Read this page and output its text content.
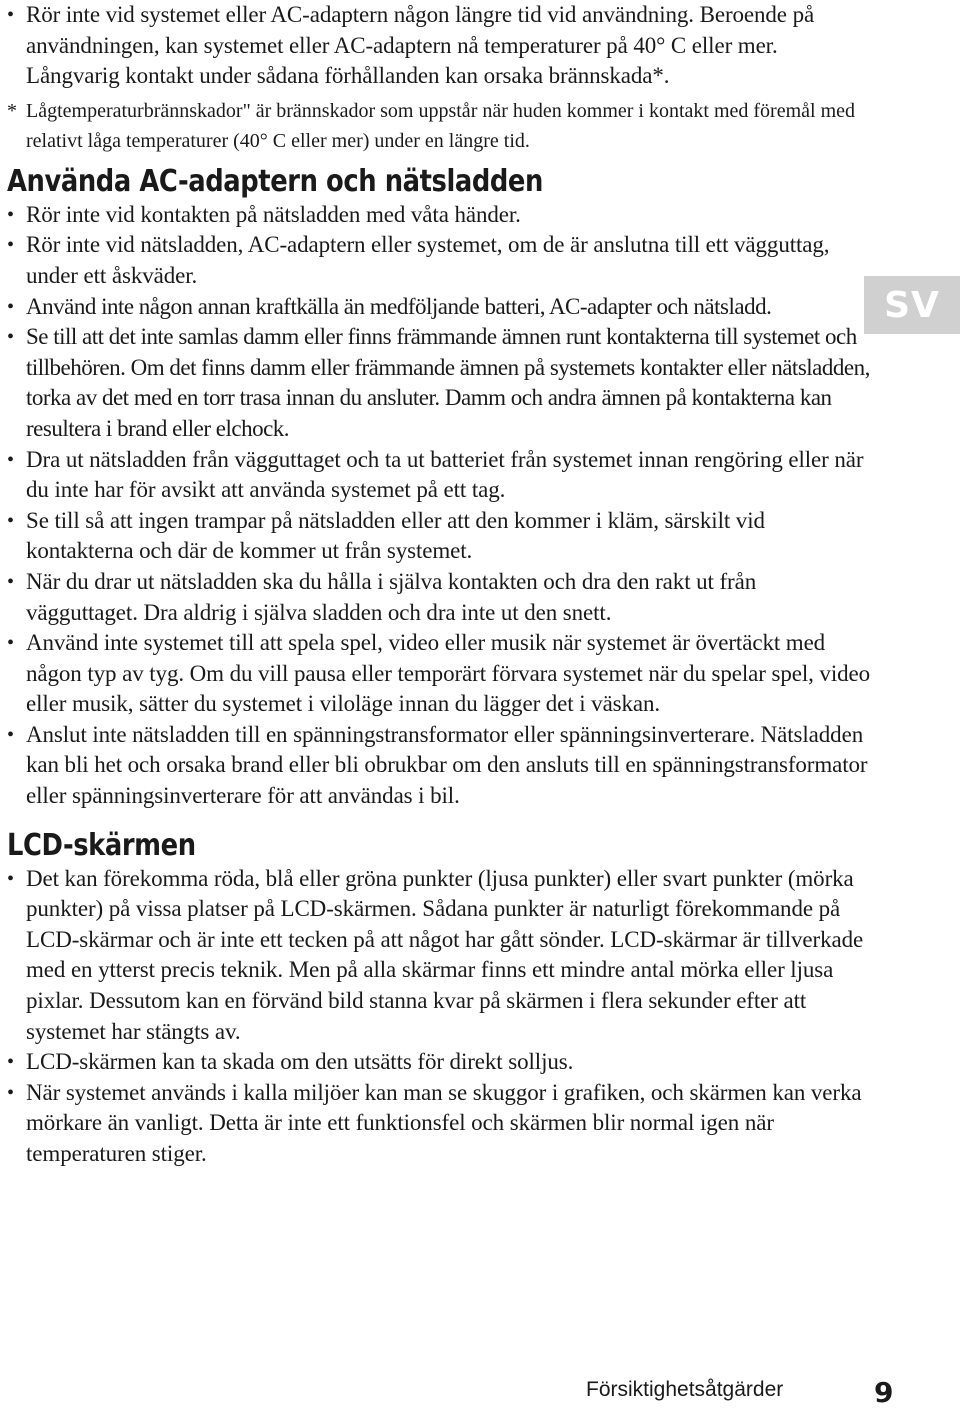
• Rör inte vid systemet eller AC-adaptern någon längre tid vid användning. Beroende på användningen, kan systemet eller AC-adaptern nå temperaturer på 40° C eller mer. Långvarig kontakt under sådana förhållanden kan orsaka brännskada*.
* Lågtemperaturbrännskador" är brännskador som uppstår när huden kommer i kontakt med föremål med relativt låga temperaturer (40° C eller mer) under en längre tid.
Använda AC-adaptern och nätsladden
• Rör inte vid kontakten på nätsladden med våta händer.
• Rör inte vid nätsladden, AC-adaptern eller systemet, om de är anslutna till ett vägguttag, under ett åskväder.
• Använd inte någon annan kraftkälla än medföljande batteri, AC-adapter och nätsladd.
• Se till att det inte samlas damm eller finns främmande ämnen runt kontakterna till systemet och tillbehören. Om det finns damm eller främmande ämnen på systemets kontakter eller nätsladden, torka av det med en torr trasa innan du ansluter. Damm och andra ämnen på kontakterna kan resultera i brand eller elchock.
• Dra ut nätsladden från vägguttaget och ta ut batteriet från systemet innan rengöring eller när du inte har för avsikt att använda systemet på ett tag.
• Se till så att ingen trampar på nätsladden eller att den kommer i kläm, särskilt vid kontakterna och där de kommer ut från systemet.
• När du drar ut nätsladden ska du hålla i själva kontakten och dra den rakt ut från vägguttaget. Dra aldrig i själva sladden och dra inte ut den snett.
• Använd inte systemet till att spela spel, video eller musik när systemet är övertäckt med någon typ av tyg. Om du vill pausa eller temporärt förvara systemet när du spelar spel, video eller musik, sätter du systemet i viloläge innan du lägger det i väskan.
• Anslut inte nätsladden till en spänningstransformator eller spänningsinverterare. Nätsladden kan bli het och orsaka brand eller bli obrukbar om den ansluts till en spänningstransformator eller spänningsinverterare för att användas i bil.
LCD-skärmen
• Det kan förekomma röda, blå eller gröna punkter (ljusa punkter) eller svart punkter (mörka punkter) på vissa platser på LCD-skärmen. Sådana punkter är naturligt förekommande på LCD-skärmar och är inte ett tecken på att något har gått sönder. LCD-skärmar är tillverkade med en ytterst precis teknik. Men på alla skärmar finns ett mindre antal mörka eller ljusa pixlar. Dessutom kan en förvänd bild stanna kvar på skärmen i flera sekunder efter att systemet har stängts av.
• LCD-skärmen kan ta skada om den utsätts för direkt solljus.
• När systemet används i kalla miljöer kan man se skuggor i grafiken, och skärmen kan verka mörkare än vanligt. Detta är inte ett funktionsfel och skärmen blir normal igen när temperaturen stiger.
SV
Försiktighetsåtgärder	9
